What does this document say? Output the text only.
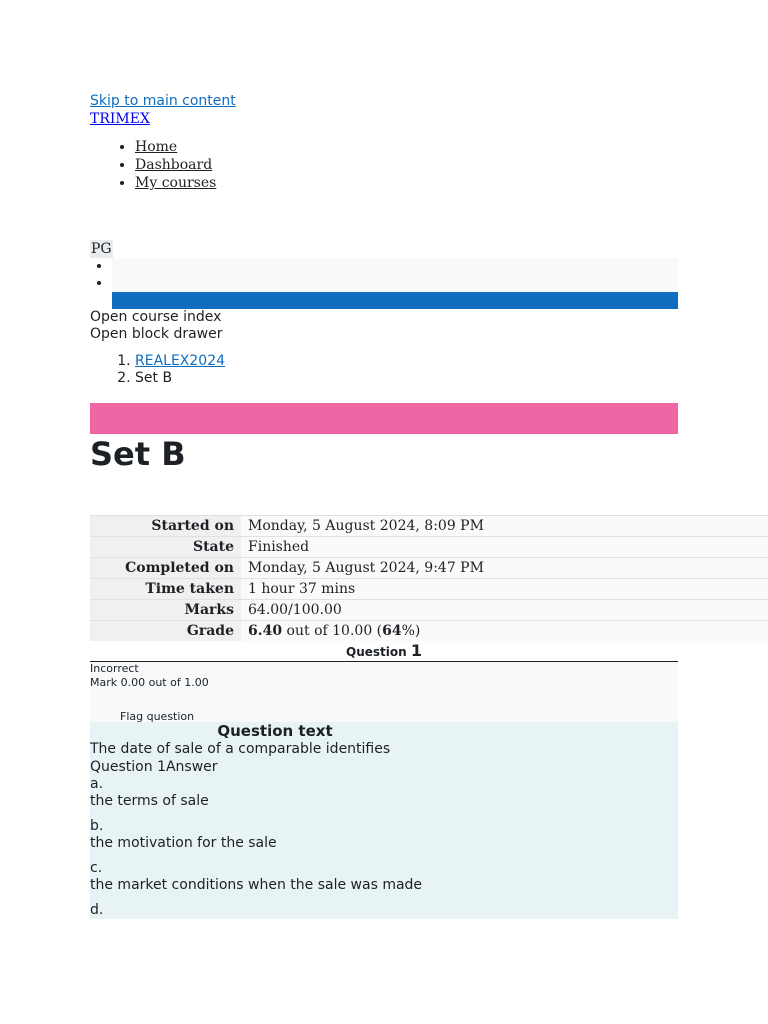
Skip to main content
TRIMEX
• Home
• Dashboard
• My courses
PG
•
•
•
Open course index
Open block drawer
1. REALEX2024
2. Set B
Set B
Started on	Monday, 5 August 2024, 8:09 PM
State	Finished
Completed on	Monday, 5 August 2024, 9:47 PM
Time taken	1 hour 37 mins
Marks	64.00/100.00
Grade	6.40 out of 10.00 (64%)
Question 1
Incorrect
Mark 0.00 out of 1.00
Flag question
Question text
The date of sale of a comparable identifies
Question 1Answer
a.
the terms of sale
b.
the motivation for the sale
c.
the market conditions when the sale was made
d.
